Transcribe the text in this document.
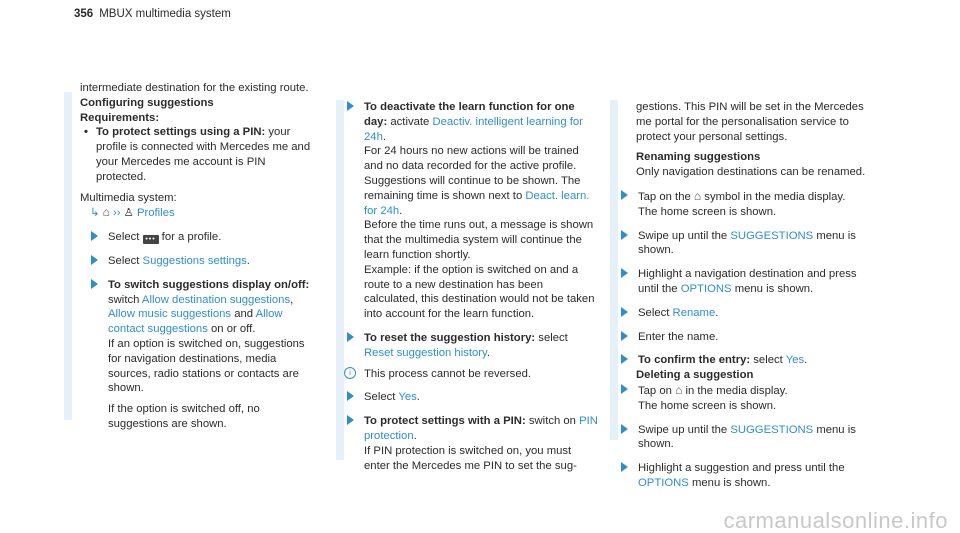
356 MBUX multimedia system

intermediate destination for the existing route.

Configuring suggestions

Requirements:

• To protect settings using a PIN: your profile is connected with Mercedes me and your Mercedes me account is PIN protected.

Multimedia system:

↳ ⌂ ›› ♙ Profiles

Select ••• for a profile.
Select Suggestions settings.

To switch suggestions display on/off: switch Allow destination suggestions, Allow music suggestions and Allow contact suggestions on or off.

If an option is switched on, suggestions for navigation destinations, media sources, radio stations or contacts are shown.

If the option is switched off, no suggestions are shown.

To deactivate the learn function for one day: activate Deactiv. intelligent learning for 24h.

For 24 hours no new actions will be trained and no data recorded for the active profile. Suggestions will continue to be shown. The remaining time is shown next to Deact. learn. for 24h.

Before the time runs out, a message is shown that the multimedia system will continue the learn function shortly.

Example: if the option is switched on and a route to a new destination has been calculated, this destination would not be taken into account for the learn function.

To reset the suggestion history: select Reset suggestion history.

i	This process cannot be reversed.

Select Yes.

To protect settings with a PIN: switch on PIN protection.

If PIN protection is switched on, you must enter the Mercedes me PIN to set the sug-

gestions. This PIN will be set in the Mercedes me portal for the personalisation service to protect your personal settings.

Renaming suggestions

Only navigation destinations can be renamed.

Tap on the ⌂ symbol in the media display.

The home screen is shown.

Swipe up until the SUGGESTIONS menu is shown.

Highlight a navigation destination and press until the OPTIONS menu is shown.

Select Rename.
Enter the name.
To confirm the entry: select Yes.

Deleting a suggestion

Tap on ⌂ in the media display.

The home screen is shown.

Swipe up until the SUGGESTIONS menu is shown.

Highlight a suggestion and press until the OPTIONS menu is shown.

carmanualsonline.info
